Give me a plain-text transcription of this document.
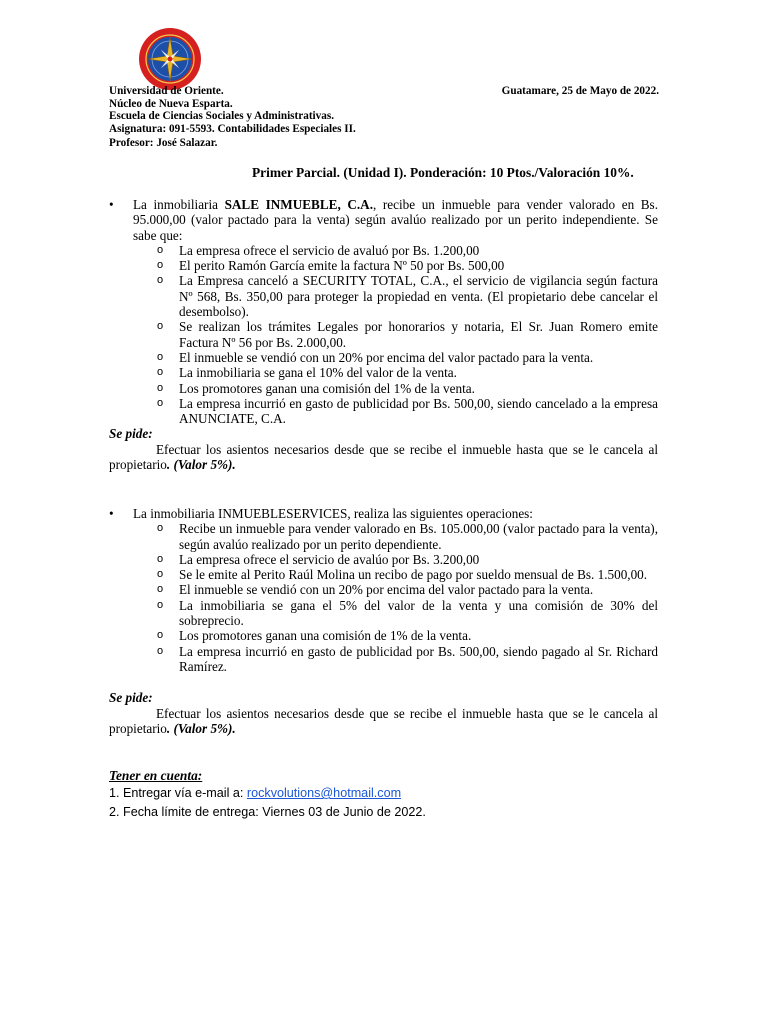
Universidad de Oriente.	Guatamare, 25 de Mayo de 2022.
Núcleo de Nueva Esparta.
Escuela de Ciencias Sociales y Administrativas.
Asignatura: 091-5593. Contabilidades Especiales II.
Profesor: José Salazar.
Primer Parcial. (Unidad I). Ponderación: 10 Ptos./Valoración 10%.
• La inmobiliaria SALE INMUEBLE, C.A., recibe un inmueble para vender valorado en Bs. 95.000,00 (valor pactado para la venta) según avalúo realizado por un perito independiente. Se sabe que:
o La empresa ofrece el servicio de avaluó por Bs. 1.200,00
o El perito Ramón García emite la factura Nº 50 por Bs. 500,00
o La Empresa canceló a SECURITY TOTAL, C.A., el servicio de vigilancia según factura Nº 568, Bs. 350,00 para proteger la propiedad en venta. (El propietario debe cancelar el desembolso).
o Se realizan los trámites Legales por honorarios y notaria, El Sr. Juan Romero emite Factura Nº 56 por Bs. 2.000,00.
o El inmueble se vendió con un 20% por encima del valor pactado para la venta.
o La inmobiliaria se gana el 10% del valor de la venta.
o Los promotores ganan una comisión del 1% de la venta.
o La empresa incurrió en gasto de publicidad por Bs. 500,00, siendo cancelado a la empresa ANUNCIATE, C.A.
Se pide:
Efectuar los asientos necesarios desde que se recibe el inmueble hasta que se le cancela al propietario. (Valor 5%).
• La inmobiliaria INMUEBLESERVICES, realiza las siguientes operaciones:
o Recibe un inmueble para vender valorado en Bs. 105.000,00 (valor pactado para la venta), según avalúo realizado por un perito dependiente.
o La empresa ofrece el servicio de avalúo por Bs. 3.200,00
o Se le emite al Perito Raúl Molina un recibo de pago por sueldo mensual de Bs. 1.500,00.
o El inmueble se vendió con un 20% por encima del valor pactado para la venta.
o La inmobiliaria se gana el 5% del valor de la venta y una comisión de 30% del sobreprecio.
o Los promotores ganan una comisión de 1% de la venta.
o La empresa incurrió en gasto de publicidad por Bs. 500,00, siendo pagado al Sr. Richard Ramírez.
Se pide:
Efectuar los asientos necesarios desde que se recibe el inmueble hasta que se le cancela al propietario. (Valor 5%).
Tener en cuenta:
1. Entregar vía e-mail a: rockvolutions@hotmail.com
2. Fecha límite de entrega: Viernes 03 de Junio de 2022.
